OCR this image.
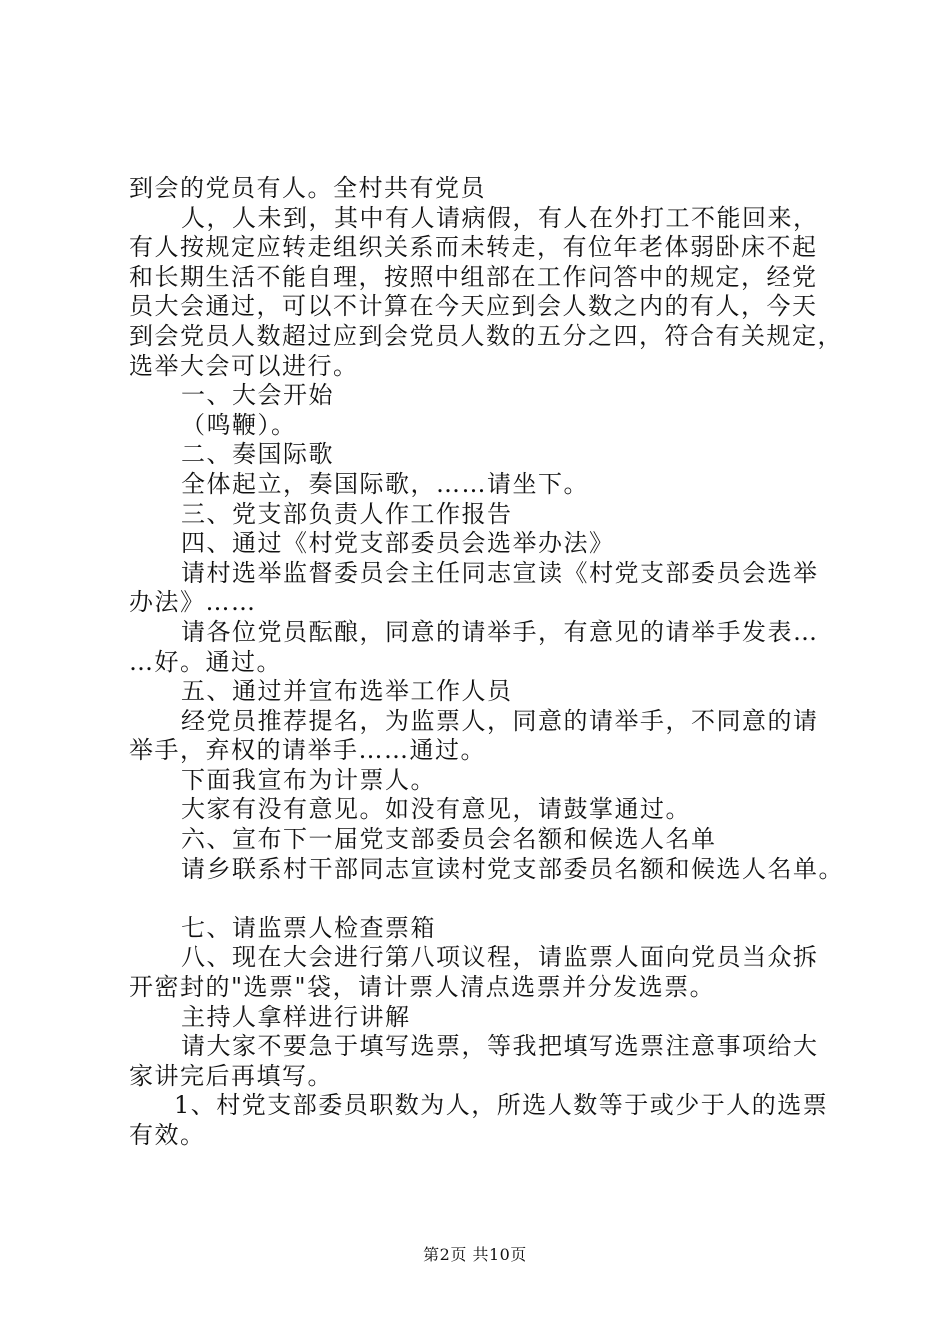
到会的党员有人。全村共有党员
人，人未到，其中有人请病假，有人在外打工不能回来，
有人按规定应转走组织关系而未转走，有位年老体弱卧床不起
和长期生活不能自理，按照中组部在工作问答中的规定，经党
员大会通过，可以不计算在今天应到会人数之内的有人，今天
到会党员人数超过应到会党员人数的五分之四，符合有关规定，
选举大会可以进行。
一、大会开始
（鸣鞭）。
二、奏国际歌
全体起立，奏国际歌，……请坐下。
三、党支部负责人作工作报告
四、通过《村党支部委员会选举办法》
请村选举监督委员会主任同志宣读《村党支部委员会选举
办法》……
请各位党员酝酿，同意的请举手，有意见的请举手发表…
…好。通过。
五、通过并宣布选举工作人员
经党员推荐提名，为监票人，同意的请举手，不同意的请
举手，弃权的请举手……通过。
下面我宣布为计票人。
大家有没有意见。如没有意见，请鼓掌通过。
六、宣布下一届党支部委员会名额和候选人名单
请乡联系村干部同志宣读村党支部委员名额和候选人名单。
七、请监票人检查票箱
八、现在大会进行第八项议程，请监票人面向党员当众拆
开密封的"选票"袋，请计票人清点选票并分发选票。
主持人拿样进行讲解
请大家不要急于填写选票，等我把填写选票注意事项给大
家讲完后再填写。
1、村党支部委员职数为人，所选人数等于或少于人的选票
有效。
第2页 共10页
